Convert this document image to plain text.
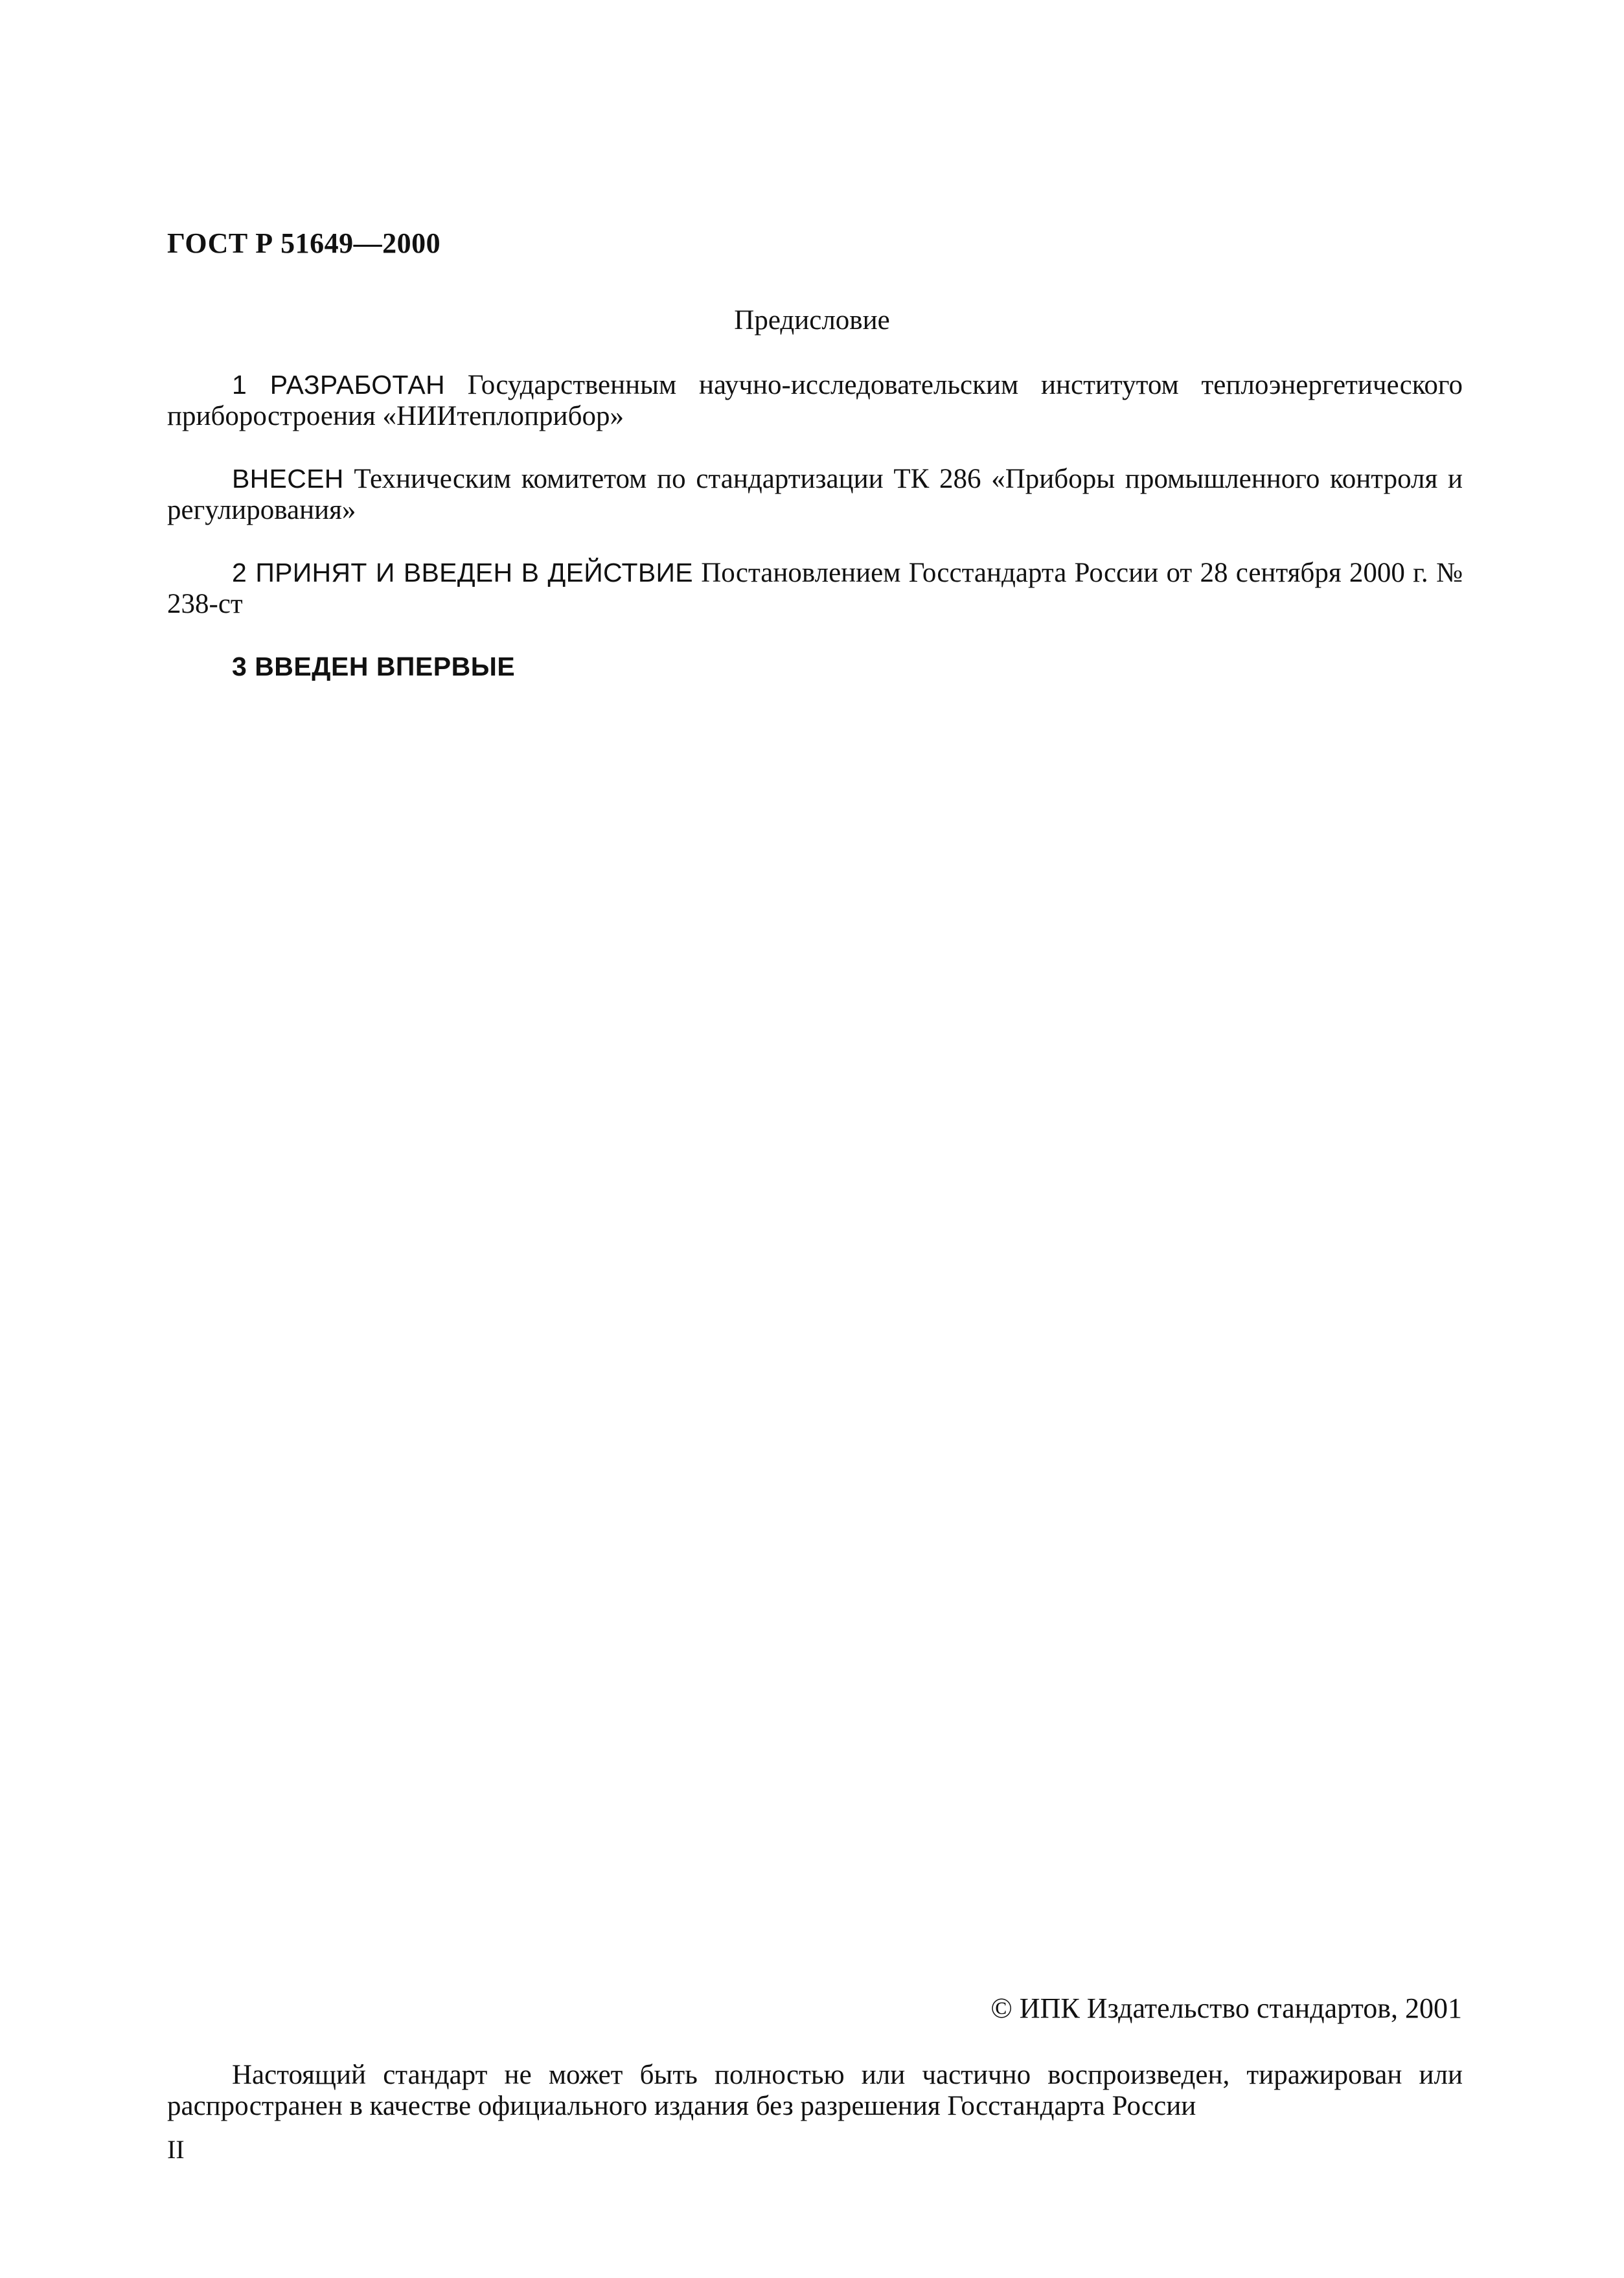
ГОСТ Р 51649—2000
Предисловие
1 РАЗРАБОТАН Государственным научно-исследовательским институтом теплоэнергетического приборостроения «НИИтеплоприбор»
ВНЕСЕН Техническим комитетом по стандартизации ТК 286 «Приборы промышленного контроля и регулирования»
2 ПРИНЯТ И ВВЕДЕН В ДЕЙСТВИЕ Постановлением Госстандарта России от 28 сентября 2000 г. № 238-ст
3 ВВЕДЕН ВПЕРВЫЕ
© ИПК Издательство стандартов, 2001
Настоящий стандарт не может быть полностью или частично воспроизведен, тиражирован или распространен в качестве официального издания без разрешения Госстандарта России
II
